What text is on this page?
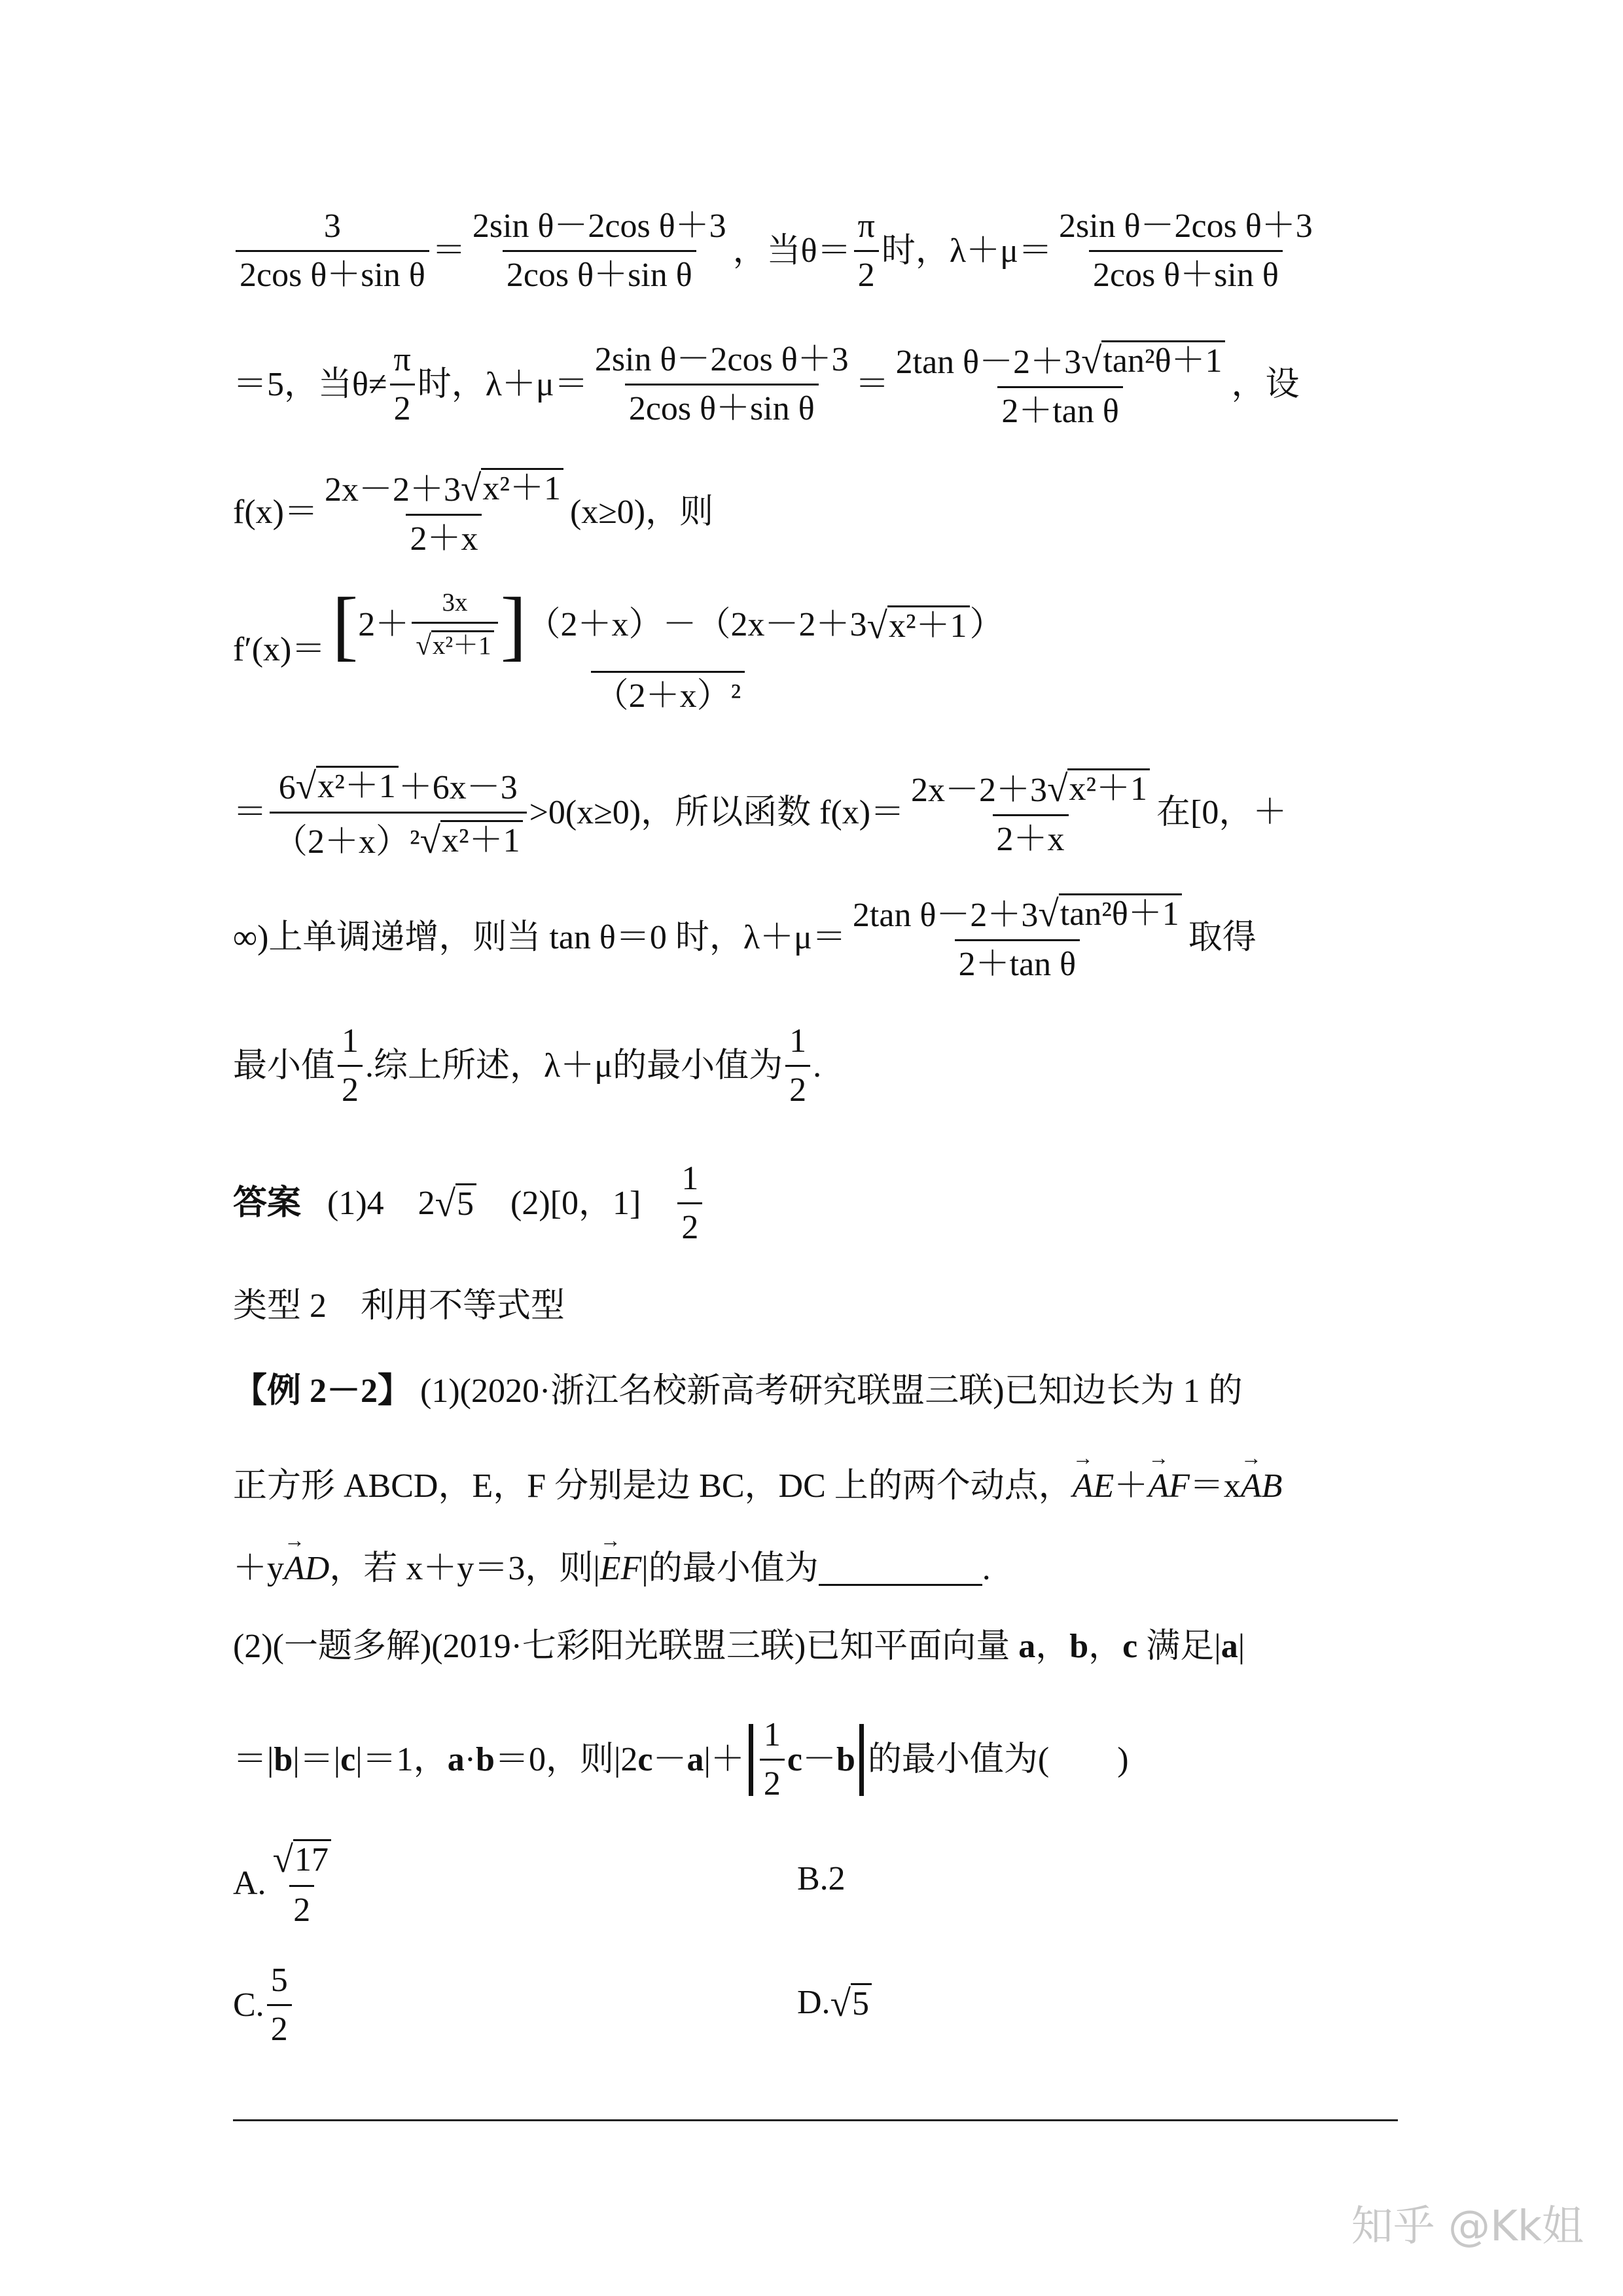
$\frac{3}{\text{2cos θ＋sin θ}} = \frac{\text{2sin θ－2cos θ＋3}}{\text{2cos θ＋sin θ}}$ ，当$\theta= \frac{\pi}{2}$ 时，$\lambda+\mu= \frac{\text{2sin θ－2cos θ＋3}}{\text{2cos θ＋sin θ}}$
＝5，当$\theta\ne \frac{\pi}{2}$ 时，$\lambda+\mu= \frac{\text{2sin θ－2cos θ＋3}}{\text{2cos θ＋sin θ}} = \frac{\text{2tan θ－2＋3 √ tan²θ＋1}}{\text{2＋tan θ}}$ ，设
$f(x)= \frac{\text{2x－2＋3 √ x²＋1}}{2+x} (x\ge 0)$，则
f′(x)＝ [ $2+ \frac{3x}{\text{√ x²＋1}}$ ] （2＋x）－（2x－2＋3 √ x²＋1 ）
（2＋x）²
＝ $\frac{\text{6 √ x²＋1 ＋6x－3}}{\text{（2＋x）² √ x²＋1}} >0(x\ge 0)$，所以函数 $f(x)= \frac{\text{2x－2＋3 √ x²＋1}}{2+x}$ 在[0，＋
∞)上单调递增，则当 tan θ＝0 时，$\lambda+\mu= \frac{\text{2tan θ－2＋3 √ tan²θ＋1}}{\text{2＋tan θ}}$ 取得
最小值 $\frac{1}{2}$ .综上所述，λ＋μ的最小值为 $\frac{1}{2}$ .
答案 (1)4　2 √ 5 　(2)[0，1]　 $\frac{1}{2}$
类型 2　利用不等式型
【例 2－2】 (1)(2020·浙江名校新高考研究联盟三联)已知边长为 1 的
正方形 ABCD，E，F 分别是边 BC，DC 上的两个动点，→ AE＋→ AF＝x→ AB
＋y→ AD，若 x＋y＝3，则|→ EF|的最小值为	.
(2)(一题多解)(2019·七彩阳光联盟三联)已知平面向量 a，b，c 满足|a|
＝| b |＝| c |＝1， a · b ＝0，则|2 c － a |＋ $\frac{1}{2}$ c － b 的最小值为(　　)
A. $\frac{√ 17}{2}$	B.2
C. $\frac{5}{2}$	D. √ 5
知乎 @Kk姐
